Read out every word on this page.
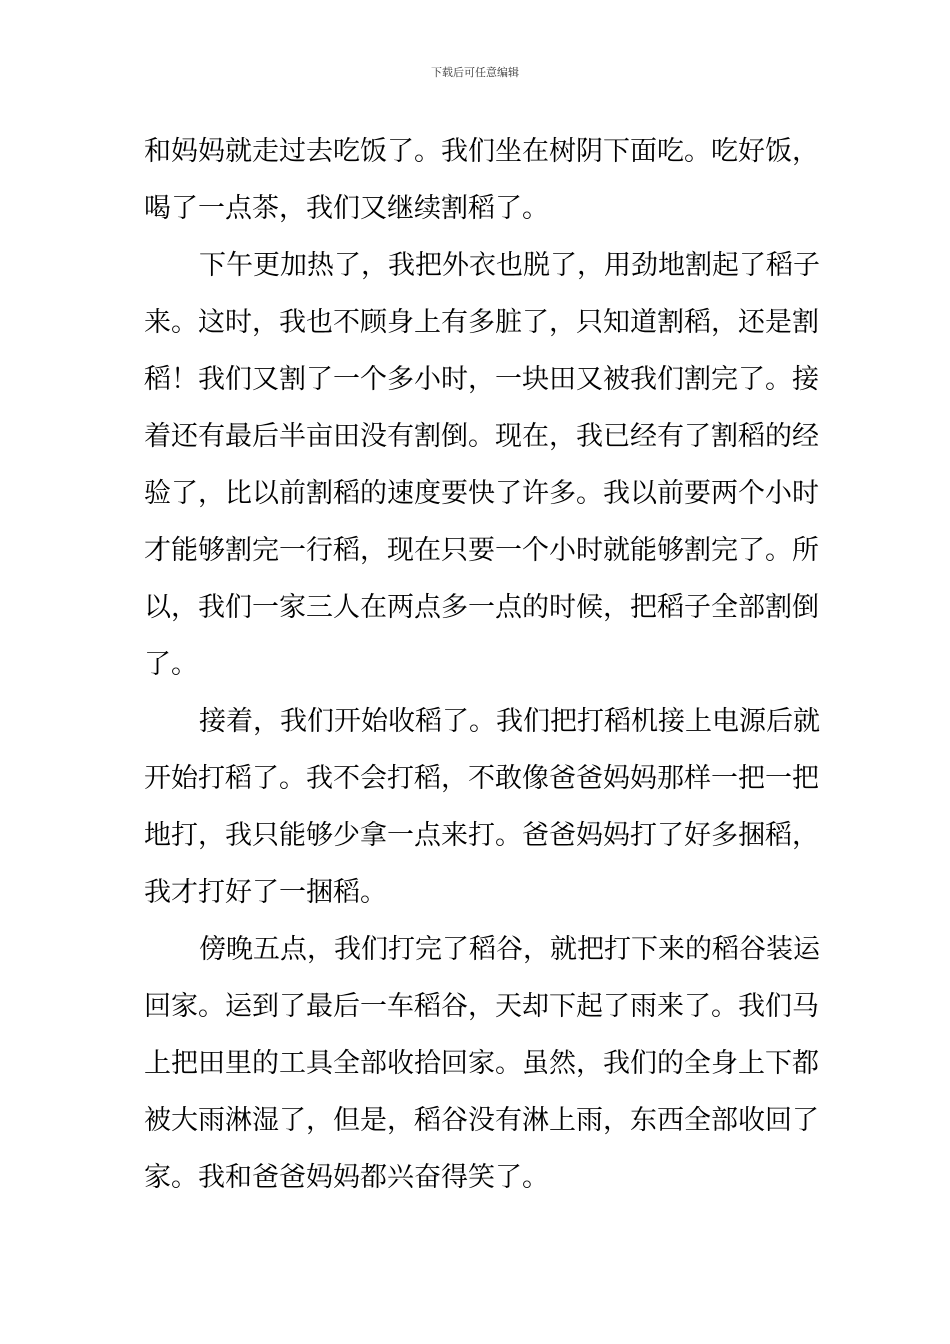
下载后可任意编辑
和妈妈就走过去吃饭了。我们坐在树阴下面吃。吃好饭，
喝了一点茶，我们又继续割稻了。
下午更加热了，我把外衣也脱了，用劲地割起了稻子
来。这时，我也不顾身上有多脏了，只知道割稻，还是割
稻！我们又割了一个多小时，一块田又被我们割完了。接
着还有最后半亩田没有割倒。现在，我已经有了割稻的经
验了，比以前割稻的速度要快了许多。我以前要两个小时
才能够割完一行稻，现在只要一个小时就能够割完了。所
以，我们一家三人在两点多一点的时候，把稻子全部割倒
了。
接着，我们开始收稻了。我们把打稻机接上电源后就
开始打稻了。我不会打稻，不敢像爸爸妈妈那样一把一把
地打，我只能够少拿一点来打。爸爸妈妈打了好多捆稻，
我才打好了一捆稻。
傍晚五点，我们打完了稻谷，就把打下来的稻谷装运
回家。运到了最后一车稻谷，天却下起了雨来了。我们马
上把田里的工具全部收拾回家。虽然，我们的全身上下都
被大雨淋湿了，但是，稻谷没有淋上雨，东西全部收回了
家。我和爸爸妈妈都兴奋得笑了。
